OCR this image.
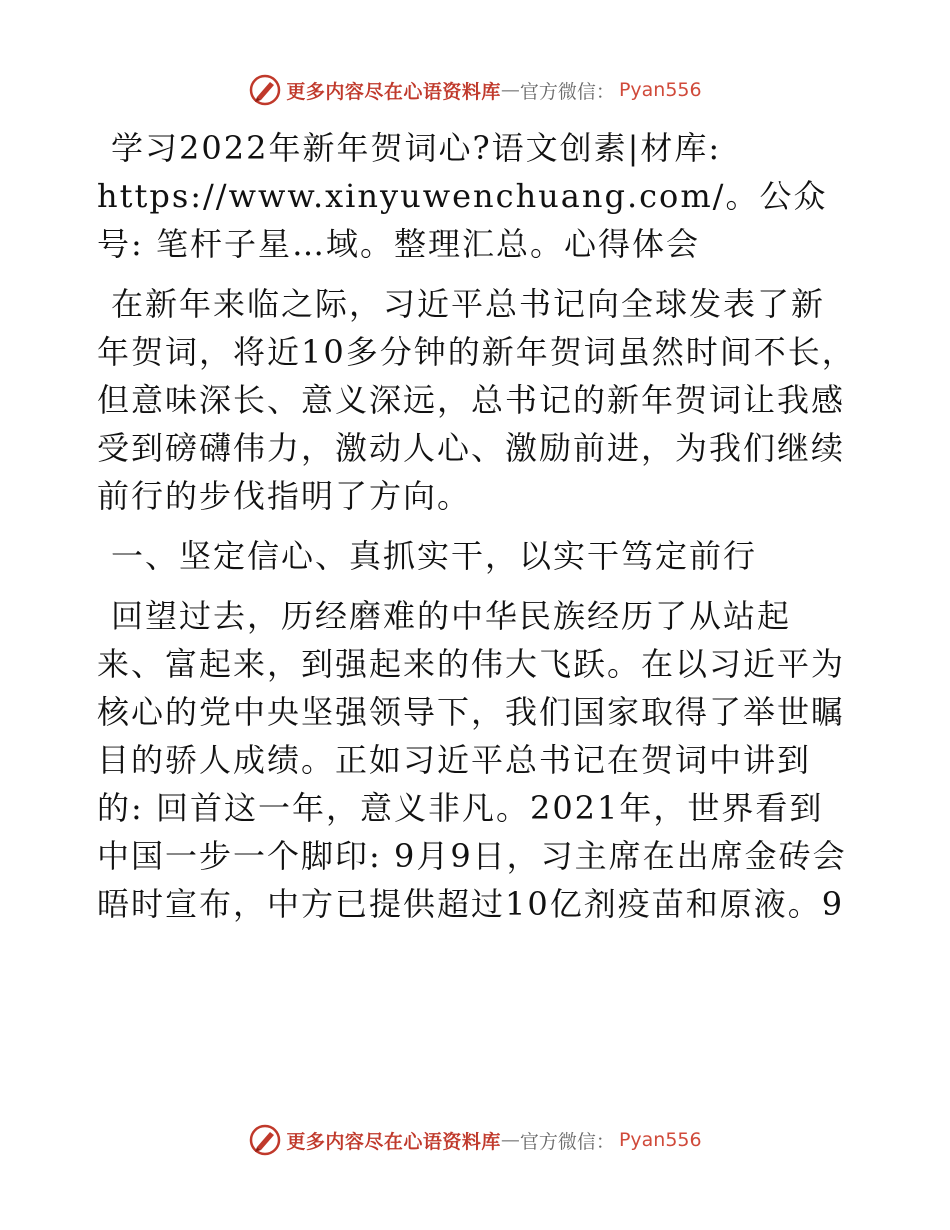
更多内容尽在心语资料库 — 官方微信： Pyan556

学习2022年新年贺词心?语文创素|材库: https://www.xinyuwenchuang.com/。公众号: 笔杆子星…域。整理汇总。心得体会

在新年来临之际，习近平总书记向全球发表了新年贺词，将近10多分钟的新年贺词虽然时间不长，但意味深长、意义深远，总书记的新年贺词让我感受到磅礴伟力，激动人心、激励前进，为我们继续前行的步伐指明了方向。

一、坚定信心、真抓实干，以实干笃定前行

回望过去，历经磨难的中华民族经历了从站起来、富起来，到强起来的伟大飞跃。在以习近平为核心的党中央坚强领导下，我们国家取得了举世瞩目的骄人成绩。正如习近平总书记在贺词中讲到的: 回首这一年，意义非凡。2021年，世界看到中国一步一个脚印: 9月9日，习主席在出席金砖会晤时宣布，中方已提供超过10亿剂疫苗和原液。9

更多内容尽在心语资料库 — 官方微信： Pyan556
